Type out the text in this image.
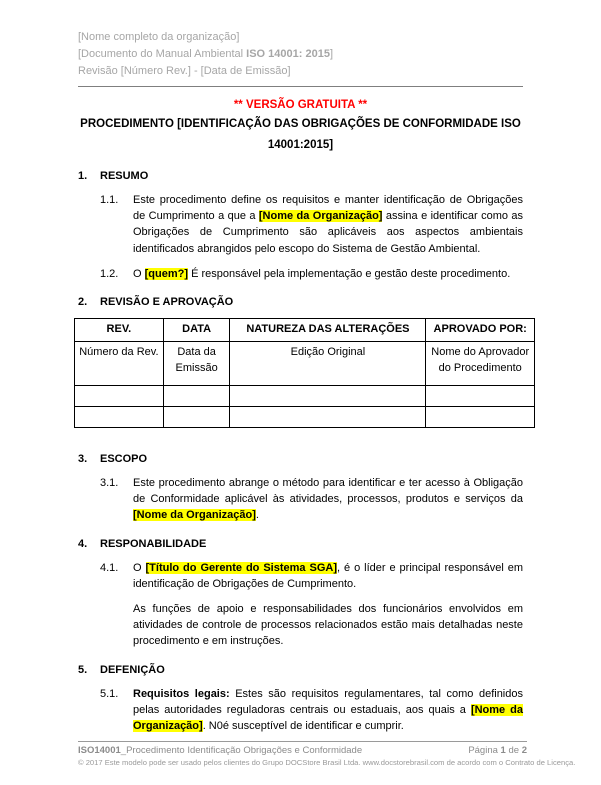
[Nome completo da organização]
[Documento do Manual Ambiental ISO 14001: 2015]
Revisão [Número Rev.] - [Data de Emissão]
** VERSÃO GRATUITA **
PROCEDIMENTO [IDENTIFICAÇÃO DAS OBRIGAÇÕES DE CONFORMIDADE ISO 14001:2015]
1.	RESUMO
1.1.	Este procedimento define os requisitos e manter identificação de Obrigações de Cumprimento a que a [Nome da Organização] assina e identificar como as Obrigações de Cumprimento são aplicáveis aos aspectos ambientais identificados abrangidos pelo escopo do Sistema de Gestão Ambiental.
1.2.	O [quem?] É responsável pela implementação e gestão deste procedimento.
2.	REVISÃO E APROVAÇÃO
REV.	DATA	NATUREZA DAS ALTERAÇÕES	APROVADO POR:
Número da Rev.	Data da Emissão	Edição Original	Nome do Aprovador do Procedimento

3.	ESCOPO
3.1.	Este procedimento abrange o método para identificar e ter acesso à Obligação de Conformidade aplicável às atividades, processos, produtos e serviços da [Nome da Organização].
4.	RESPONABILIDADE
4.1.	O [Título do Gerente do Sistema SGA], é o líder e principal responsável em identificação de Obrigações de Cumprimento.
As funções de apoio e responsabilidades dos funcionários envolvidos em atividades de controle de processos relacionados estão mais detalhadas neste procedimento e em instruções.
5.	DEFENIÇÃO
5.1.	Requisitos legais: Estes são requisitos regulamentares, tal como definidos pelas autoridades reguladoras centrais ou estaduais, aos quais a [Nome da Organização]. N0é susceptível de identificar e cumprir.
ISO14001_Procedimento Identificação Obrigações e Conformidade	Página 1 de 2
© 2017 Este modelo pode ser usado pelos clientes do Grupo DOCStore Brasil Ltda. www.docstorebrasil.com de acordo com o Contrato de Licença.
